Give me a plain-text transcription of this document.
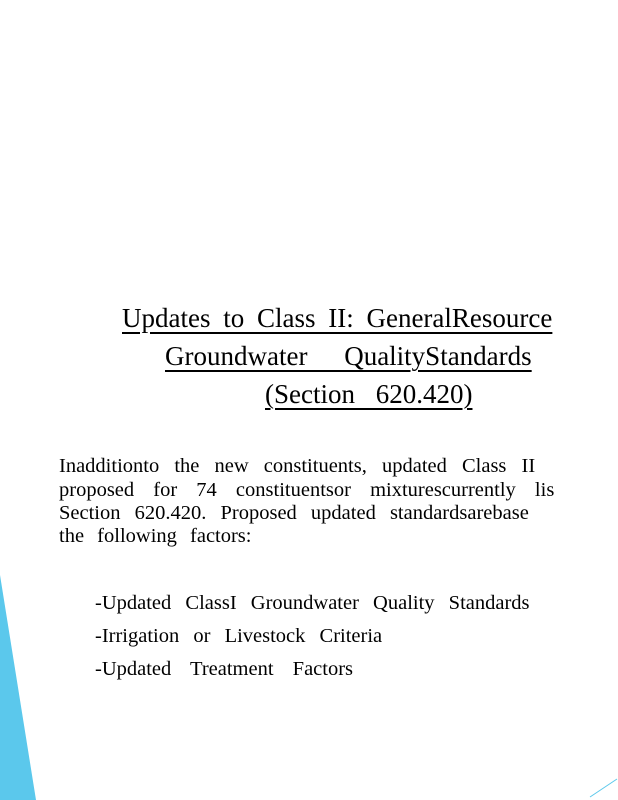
Updates to Class II: GeneralResource
Groundwater QualityStandards
(Section 620.420)
Inadditionto the new constituents, updated Class II
proposed for 74 constituentsor mixturescurrently lis
Section 620.420. Proposed updated standardsarebase
the following factors:
-Updated ClassI Groundwater Quality Standards
-Irrigation or Livestock Criteria
-Updated Treatment Factors
